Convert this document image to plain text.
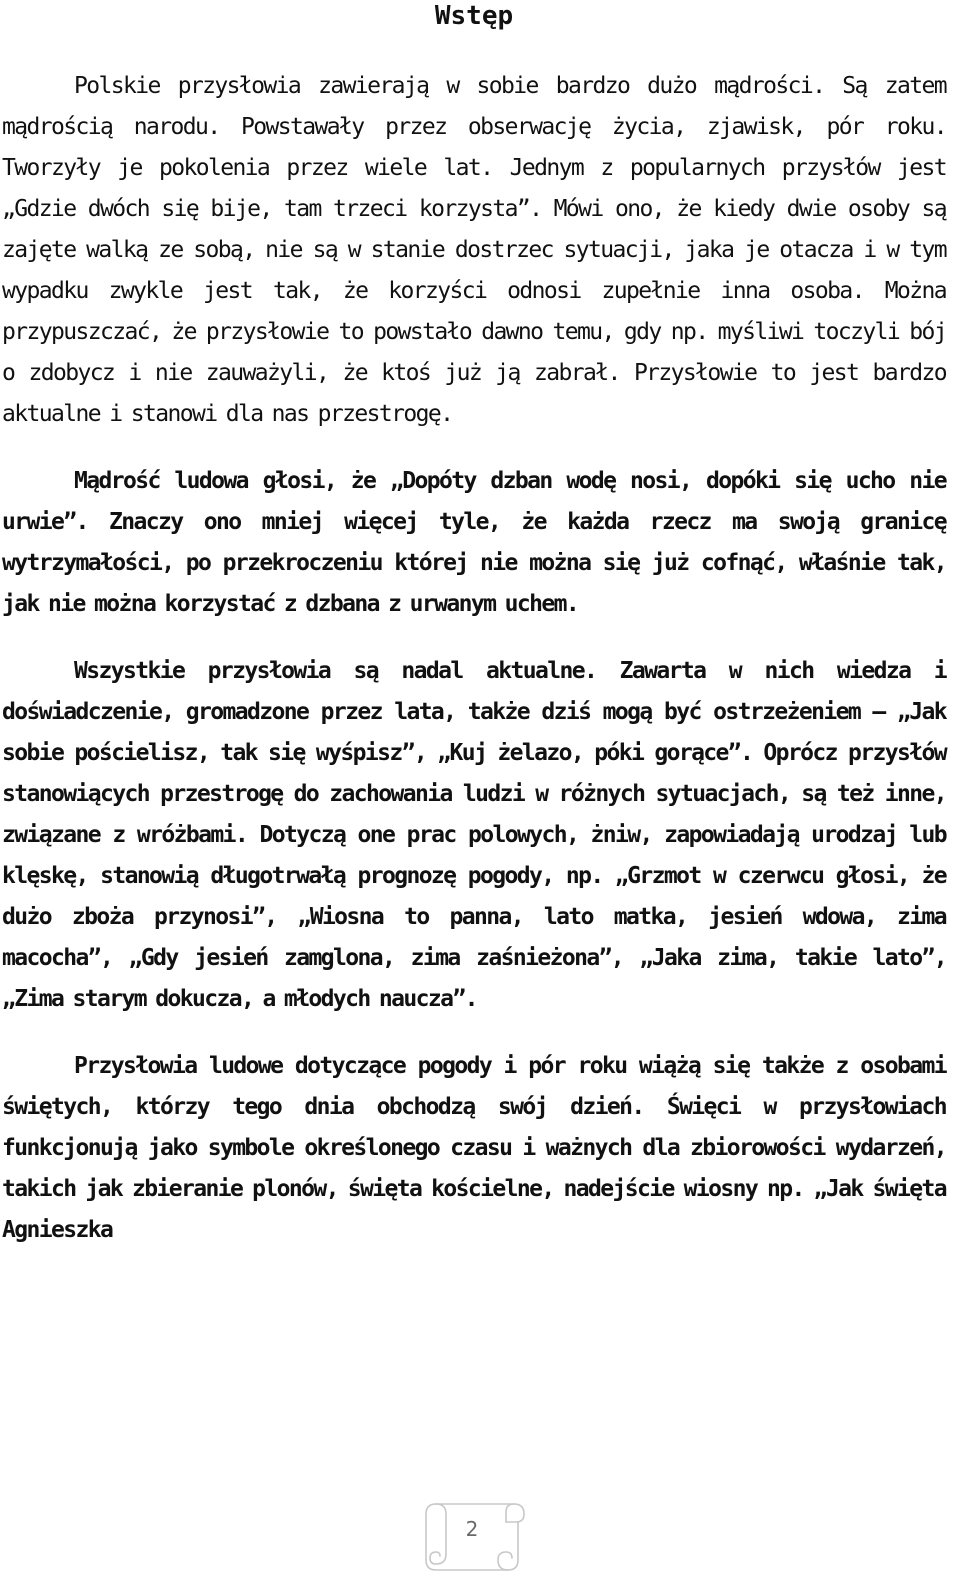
Wstęp

Polskie przysłowia zawierają w sobie bardzo dużo mądrości. Są zatem mądrością narodu. Powstawały przez obserwację życia, zjawisk, pór roku. Tworzyły je pokolenia przez wiele lat. Jednym z popularnych przysłów jest „Gdzie dwóch się bije, tam trzeci korzysta”. Mówi ono, że kiedy dwie osoby są zajęte walką ze sobą, nie są w stanie dostrzec sytuacji, jaka je otacza i w tym wypadku zwykle jest tak, że korzyści odnosi zupełnie inna osoba. Można przypuszczać, że przysłowie to powstało dawno temu, gdy np. myśliwi toczyli bój o zdobycz i nie zauważyli, że ktoś już ją zabrał. Przysłowie to jest bardzo aktualne i stanowi dla nas przestrogę.

Mądrość ludowa głosi, że „Dopóty dzban wodę nosi, dopóki się ucho nie urwie”. Znaczy ono mniej więcej tyle, że każda rzecz ma swoją granicę wytrzymałości, po przekroczeniu której nie można się już cofnąć, właśnie tak, jak nie można korzystać z dzbana z urwanym uchem.

Wszystkie przysłowia są nadal aktualne. Zawarta w nich wiedza i doświadczenie, gromadzone przez lata, także dziś mogą być ostrzeżeniem – „Jak sobie pościelisz, tak się wyśpisz”, „Kuj żelazo, póki gorące”. Oprócz przysłów stanowiących przestrogę do zachowania ludzi w różnych sytuacjach, są też inne, związane z wróżbami. Dotyczą one prac polowych, żniw, zapowiadają urodzaj lub klęskę, stanowią długotrwałą prognozę pogody, np. „Grzmot w czerwcu głosi, że dużo zboża przynosi”, „Wiosna to panna, lato matka, jesień wdowa, zima macocha”, „Gdy jesień zamglona, zima zaśnieżona”, „Jaka zima, takie lato”, „Zima starym dokucza, a młodych naucza”.

Przysłowia ludowe dotyczące pogody i pór roku wiążą się także z osobami świętych, którzy tego dnia obchodzą swój dzień. Święci w przysłowiach funkcjonują jako symbole określonego czasu i ważnych dla zbiorowości wydarzeń, takich jak zbieranie plonów, święta kościelne, nadejście wiosny np. „Jak święta Agnieszka

2
